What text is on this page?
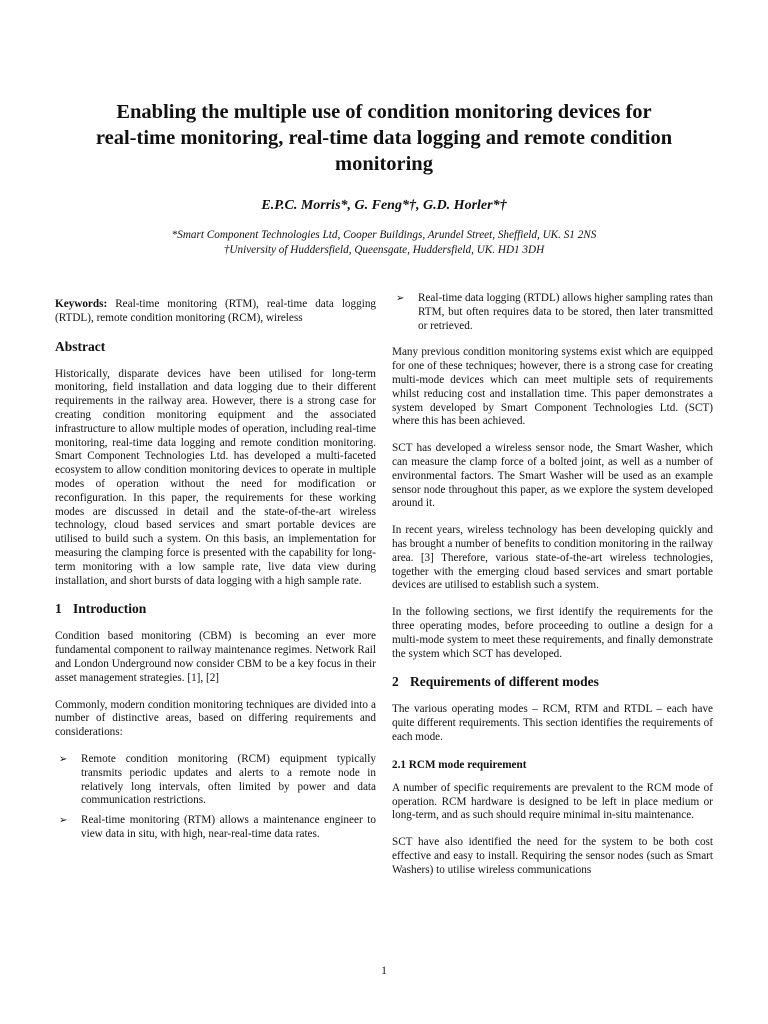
Enabling the multiple use of condition monitoring devices for
real-time monitoring, real-time data logging and remote condition
monitoring
E.P.C. Morris*, G. Feng*†, G.D. Horler*†
*Smart Component Technologies Ltd, Cooper Buildings, Arundel Street, Sheffield, UK. S1 2NS
†University of Huddersfield, Queensgate, Huddersfield, UK. HD1 3DH

Keywords: Real-time monitoring (RTM), real-time data logging (RTDL), remote condition monitoring (RCM), wireless

Abstract

Historically, disparate devices have been utilised for long-term monitoring, field installation and data logging due to their different requirements in the railway area. However, there is a strong case for creating condition monitoring equipment and the associated infrastructure to allow multiple modes of operation, including real-time monitoring, real-time data logging and remote condition monitoring. Smart Component Technologies Ltd. has developed a multi-faceted ecosystem to allow condition monitoring devices to operate in multiple modes of operation without the need for modification or reconfiguration. In this paper, the requirements for these working modes are discussed in detail and the state-of-the-art wireless technology, cloud based services and smart portable devices are utilised to build such a system. On this basis, an implementation for measuring the clamping force is presented with the capability for long-term monitoring with a low sample rate, live data view during installation, and short bursts of data logging with a high sample rate.

1 Introduction

Condition based monitoring (CBM) is becoming an ever more fundamental component to railway maintenance regimes. Network Rail and London Underground now consider CBM to be a key focus in their asset management strategies. [1], [2]

Commonly, modern condition monitoring techniques are divided into a number of distinctive areas, based on differing requirements and considerations:

➢ Remote condition monitoring (RCM) equipment typically transmits periodic updates and alerts to a remote node in relatively long intervals, often limited by power and data communication restrictions.
➢ Real-time monitoring (RTM) allows a maintenance engineer to view data in situ, with high, near-real-time data rates.
➢ Real-time data logging (RTDL) allows higher sampling rates than RTM, but often requires data to be stored, then later transmitted or retrieved.

Many previous condition monitoring systems exist which are equipped for one of these techniques; however, there is a strong case for creating multi-mode devices which can meet multiple sets of requirements whilst reducing cost and installation time. This paper demonstrates a system developed by Smart Component Technologies Ltd. (SCT) where this has been achieved.

SCT has developed a wireless sensor node, the Smart Washer, which can measure the clamp force of a bolted joint, as well as a number of environmental factors. The Smart Washer will be used as an example sensor node throughout this paper, as we explore the system developed around it.

In recent years, wireless technology has been developing quickly and has brought a number of benefits to condition monitoring in the railway area. [3] Therefore, various state-of-the-art wireless technologies, together with the emerging cloud based services and smart portable devices are utilised to establish such a system.

In the following sections, we first identify the requirements for the three operating modes, before proceeding to outline a design for a multi-mode system to meet these requirements, and finally demonstrate the system which SCT has developed.

2 Requirements of different modes

The various operating modes – RCM, RTM and RTDL – each have quite different requirements. This section identifies the requirements of each mode.

2.1 RCM mode requirement

A number of specific requirements are prevalent to the RCM mode of operation. RCM hardware is designed to be left in place medium or long-term, and as such should require minimal in-situ maintenance.

SCT have also identified the need for the system to be both cost effective and easy to install. Requiring the sensor nodes (such as Smart Washers) to utilise wireless communications

1
